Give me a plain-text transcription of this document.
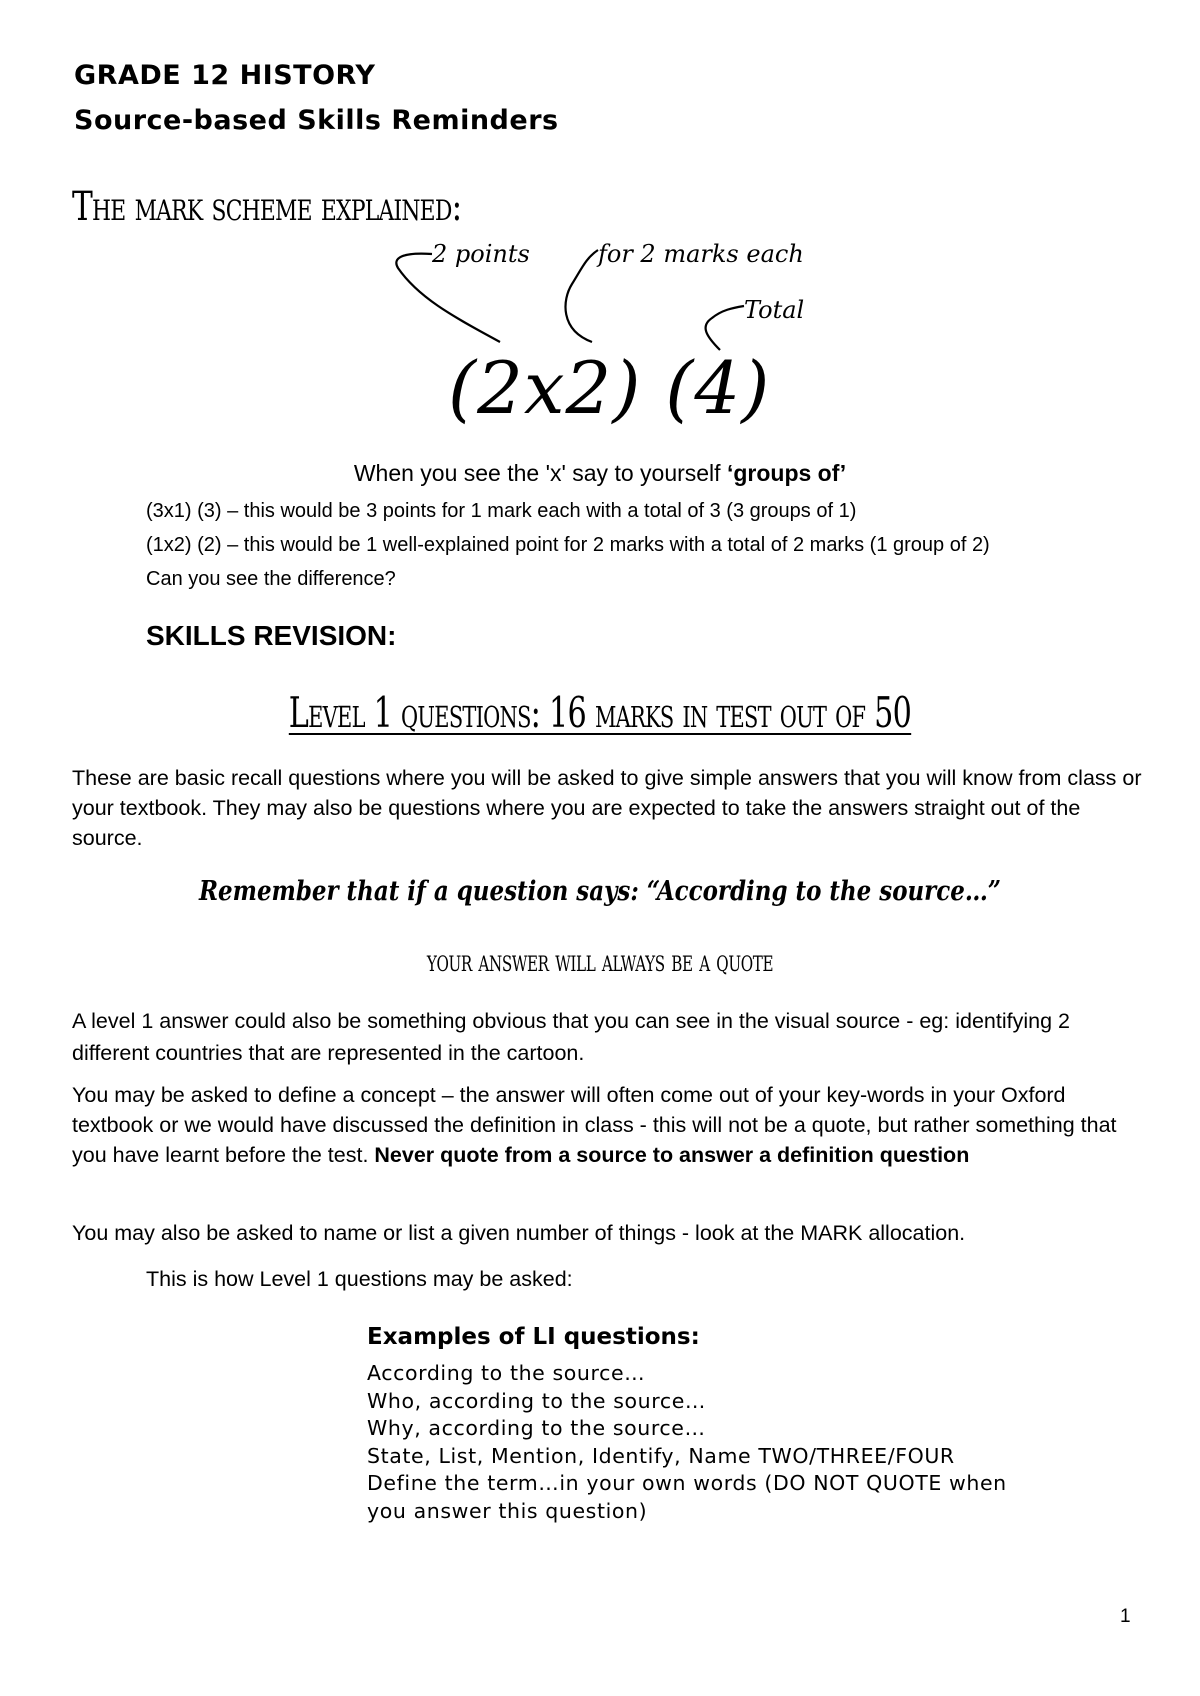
GRADE 12 HISTORY
Source-based Skills Reminders
The mark scheme explained:
2 points	for 2 marks each
Total
(2x2) (4)
When you see the 'x' say to yourself ‘groups of’
(3x1) (3) – this would be 3 points for 1 mark each with a total of 3 (3 groups of 1)
(1x2) (2) – this would be 1 well-explained point for 2 marks with a total of 2 marks (1 group of 2)
Can you see the difference?
SKILLS REVISION:
Level 1 questions: 16 marks in test out of 50
These are basic recall questions where you will be asked to give simple answers that you will know from class or your textbook. They may also be questions where you are expected to take the answers straight out of the source.
Remember that if a question says: “According to the source…”
your answer will always be a quote
A level 1 answer could also be something obvious that you can see in the visual source - eg: identifying 2 different countries that are represented in the cartoon.
You may be asked to define a concept – the answer will often come out of your key-words in your Oxford textbook or we would have discussed the definition in class - this will not be a quote, but rather something that you have learnt before the test. Never quote from a source to answer a definition question
You may also be asked to name or list a given number of things - look at the MARK allocation.
This is how Level 1 questions may be asked:
Examples of LI questions:
According to the source…
Who, according to the source…
Why, according to the source…
State, List, Mention, Identify, Name TWO/THREE/FOUR
Define the term…in your own words (DO NOT QUOTE when
you answer this question)
1
